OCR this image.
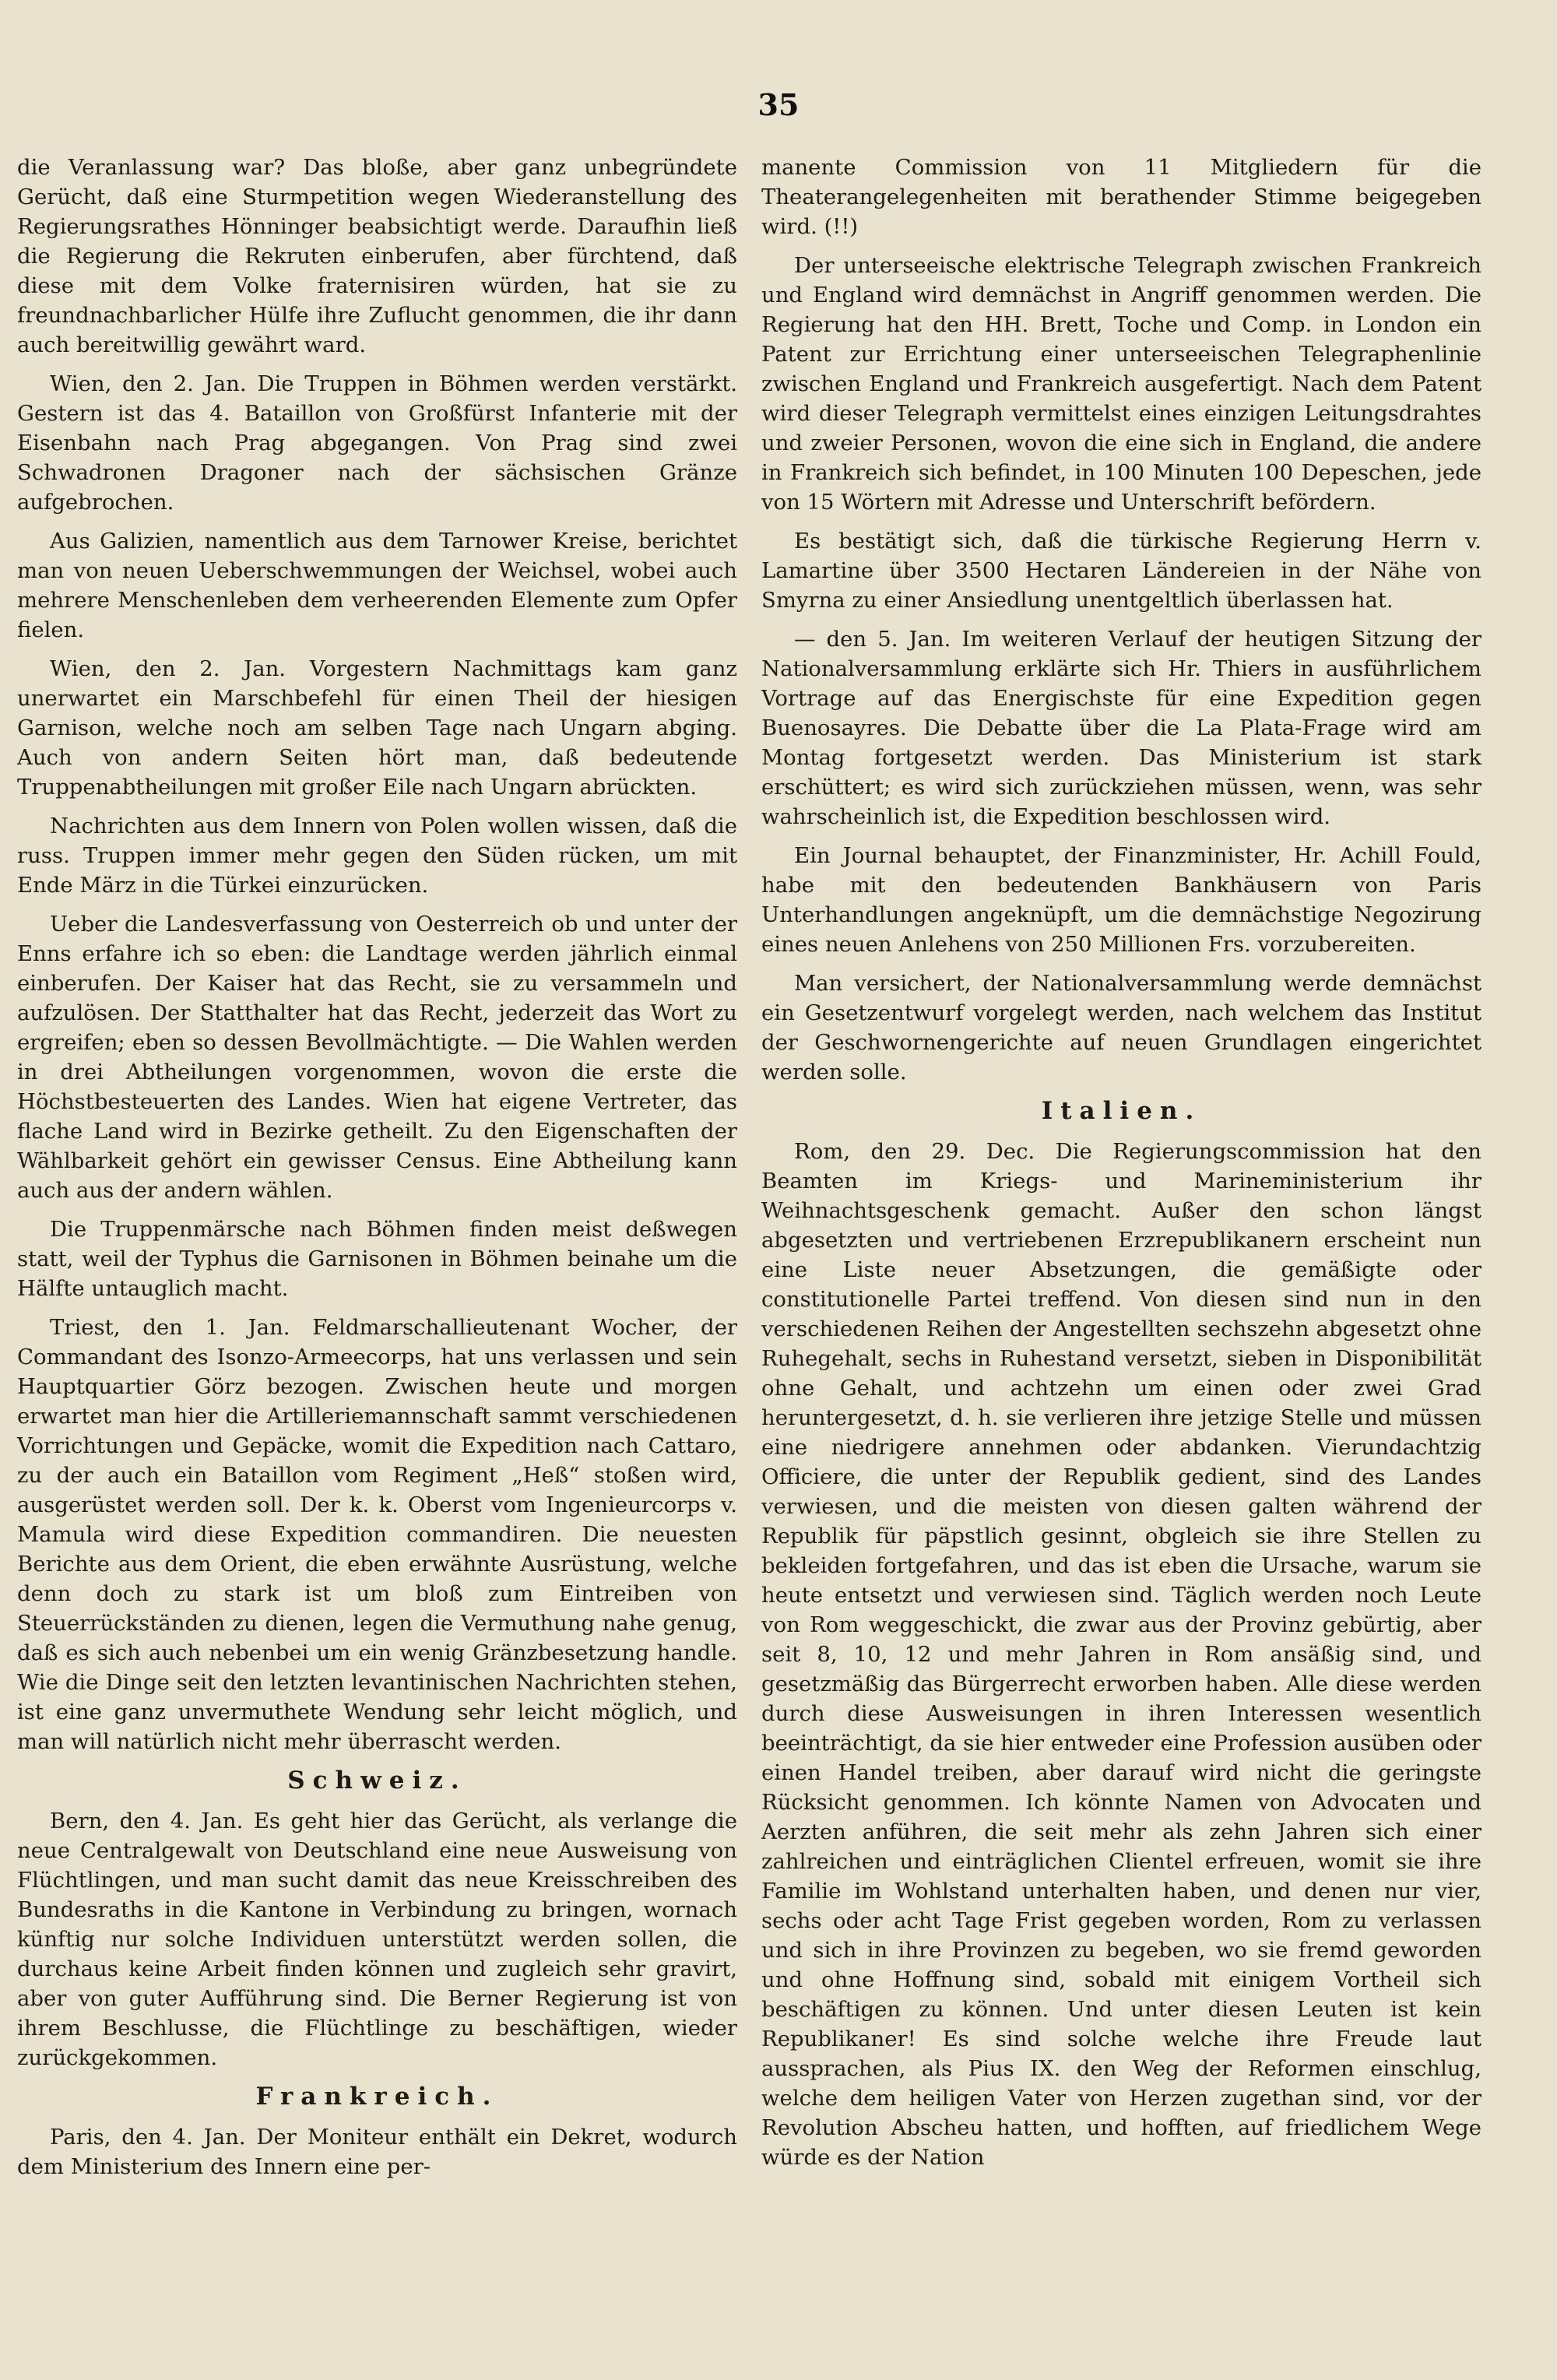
35

die Veranlassung war? Das bloße, aber ganz unbegründete Gerücht, daß eine Sturmpetition wegen Wiederanstellung des Regierungsrathes Hönninger beabsichtigt werde. Daraufhin ließ die Regierung die Rekruten einberufen, aber fürchtend, daß diese mit dem Volke fraternisiren würden, hat sie zu freundnachbarlicher Hülfe ihre Zuflucht genommen, die ihr dann auch bereitwillig gewährt ward.

Wien, den 2. Jan. Die Truppen in Böhmen werden verstärkt. Gestern ist das 4. Bataillon von Großfürst Infanterie mit der Eisenbahn nach Prag abgegangen. Von Prag sind zwei Schwadronen Dragoner nach der sächsischen Gränze aufgebrochen.

Aus Galizien, namentlich aus dem Tarnower Kreise, berichtet man von neuen Ueberschwemmungen der Weichsel, wobei auch mehrere Menschenleben dem verheerenden Elemente zum Opfer fielen.

Wien, den 2. Jan. Vorgestern Nachmittags kam ganz unerwartet ein Marschbefehl für einen Theil der hiesigen Garnison, welche noch am selben Tage nach Ungarn abging. Auch von andern Seiten hört man, daß bedeutende Truppenabtheilungen mit großer Eile nach Ungarn abrückten.

Nachrichten aus dem Innern von Polen wollen wissen, daß die russ. Truppen immer mehr gegen den Süden rücken, um mit Ende März in die Türkei einzurücken.

Ueber die Landesverfassung von Oesterreich ob und unter der Enns erfahre ich so eben: die Landtage werden jährlich einmal einberufen. Der Kaiser hat das Recht, sie zu versammeln und aufzulösen. Der Statthalter hat das Recht, jederzeit das Wort zu ergreifen; eben so dessen Bevollmächtigte. — Die Wahlen werden in drei Abtheilungen vorgenommen, wovon die erste die Höchstbesteuerten des Landes. Wien hat eigene Vertreter, das flache Land wird in Bezirke getheilt. Zu den Eigenschaften der Wählbarkeit gehört ein gewisser Census. Eine Abtheilung kann auch aus der andern wählen.

Die Truppenmärsche nach Böhmen finden meist deßwegen statt, weil der Typhus die Garnisonen in Böhmen beinahe um die Hälfte untauglich macht.

Triest, den 1. Jan. Feldmarschallieutenant Wocher, der Commandant des Isonzo-Armeecorps, hat uns verlassen und sein Hauptquartier Görz bezogen. Zwischen heute und morgen erwartet man hier die Artilleriemannschaft sammt verschiedenen Vorrichtungen und Gepäcke, womit die Expedition nach Cattaro, zu der auch ein Bataillon vom Regiment „Heß“ stoßen wird, ausgerüstet werden soll. Der k. k. Oberst vom Ingenieurcorps v. Mamula wird diese Expedition commandiren. Die neuesten Berichte aus dem Orient, die eben erwähnte Ausrüstung, welche denn doch zu stark ist um bloß zum Eintreiben von Steuerrückständen zu dienen, legen die Vermuthung nahe genug, daß es sich auch nebenbei um ein wenig Gränzbesetzung handle. Wie die Dinge seit den letzten levantinischen Nachrichten stehen, ist eine ganz unvermuthete Wendung sehr leicht möglich, und man will natürlich nicht mehr überrascht werden.

Schweiz.

Bern, den 4. Jan. Es geht hier das Gerücht, als verlange die neue Centralgewalt von Deutschland eine neue Ausweisung von Flüchtlingen, und man sucht damit das neue Kreisschreiben des Bundesraths in die Kantone in Verbindung zu bringen, wornach künftig nur solche Individuen unterstützt werden sollen, die durchaus keine Arbeit finden können und zugleich sehr gravirt, aber von guter Aufführung sind. Die Berner Regierung ist von ihrem Beschlusse, die Flüchtlinge zu beschäftigen, wieder zurückgekommen.

Frankreich.

Paris, den 4. Jan. Der Moniteur enthält ein Dekret, wodurch dem Ministerium des Innern eine per-

manente Commission von 11 Mitgliedern für die Theaterangelegenheiten mit berathender Stimme beigegeben wird. (!!)

Der unterseeische elektrische Telegraph zwischen Frankreich und England wird demnächst in Angriff genommen werden. Die Regierung hat den HH. Brett, Toche und Comp. in London ein Patent zur Errichtung einer unterseeischen Telegraphenlinie zwischen England und Frankreich ausgefertigt. Nach dem Patent wird dieser Telegraph vermittelst eines einzigen Leitungsdrahtes und zweier Personen, wovon die eine sich in England, die andere in Frankreich sich befindet, in 100 Minuten 100 Depeschen, jede von 15 Wörtern mit Adresse und Unterschrift befördern.

Es bestätigt sich, daß die türkische Regierung Herrn v. Lamartine über 3500 Hectaren Ländereien in der Nähe von Smyrna zu einer Ansiedlung unentgeltlich überlassen hat.

— den 5. Jan. Im weiteren Verlauf der heutigen Sitzung der Nationalversammlung erklärte sich Hr. Thiers in ausführlichem Vortrage auf das Energischste für eine Expedition gegen Buenosayres. Die Debatte über die La Plata-Frage wird am Montag fortgesetzt werden. Das Ministerium ist stark erschüttert; es wird sich zurückziehen müssen, wenn, was sehr wahrscheinlich ist, die Expedition beschlossen wird.

Ein Journal behauptet, der Finanzminister, Hr. Achill Fould, habe mit den bedeutenden Bankhäusern von Paris Unterhandlungen angeknüpft, um die demnächstige Negozirung eines neuen Anlehens von 250 Millionen Frs. vorzubereiten.

Man versichert, der Nationalversammlung werde demnächst ein Gesetzentwurf vorgelegt werden, nach welchem das Institut der Geschwornengerichte auf neuen Grundlagen eingerichtet werden solle.

Italien.

Rom, den 29. Dec. Die Regierungscommission hat den Beamten im Kriegs- und Marineministerium ihr Weihnachtsgeschenk gemacht. Außer den schon längst abgesetzten und vertriebenen Erzrepublikanern erscheint nun eine Liste neuer Absetzungen, die gemäßigte oder constitutionelle Partei treffend. Von diesen sind nun in den verschiedenen Reihen der Angestellten sechszehn abgesetzt ohne Ruhegehalt, sechs in Ruhestand versetzt, sieben in Disponibilität ohne Gehalt, und achtzehn um einen oder zwei Grad heruntergesetzt, d. h. sie verlieren ihre jetzige Stelle und müssen eine niedrigere annehmen oder abdanken. Vierundachtzig Officiere, die unter der Republik gedient, sind des Landes verwiesen, und die meisten von diesen galten während der Republik für päpstlich gesinnt, obgleich sie ihre Stellen zu bekleiden fortgefahren, und das ist eben die Ursache, warum sie heute entsetzt und verwiesen sind. Täglich werden noch Leute von Rom weggeschickt, die zwar aus der Provinz gebürtig, aber seit 8, 10, 12 und mehr Jahren in Rom ansäßig sind, und gesetzmäßig das Bürgerrecht erworben haben. Alle diese werden durch diese Ausweisungen in ihren Interessen wesentlich beeinträchtigt, da sie hier entweder eine Profession ausüben oder einen Handel treiben, aber darauf wird nicht die geringste Rücksicht genommen. Ich könnte Namen von Advocaten und Aerzten anführen, die seit mehr als zehn Jahren sich einer zahlreichen und einträglichen Clientel erfreuen, womit sie ihre Familie im Wohlstand unterhalten haben, und denen nur vier, sechs oder acht Tage Frist gegeben worden, Rom zu verlassen und sich in ihre Provinzen zu begeben, wo sie fremd geworden und ohne Hoffnung sind, sobald mit einigem Vortheil sich beschäftigen zu können. Und unter diesen Leuten ist kein Republikaner! Es sind solche welche ihre Freude laut aussprachen, als Pius IX. den Weg der Reformen einschlug, welche dem heiligen Vater von Herzen zugethan sind, vor der Revolution Abscheu hatten, und hofften, auf friedlichem Wege würde es der Nation
